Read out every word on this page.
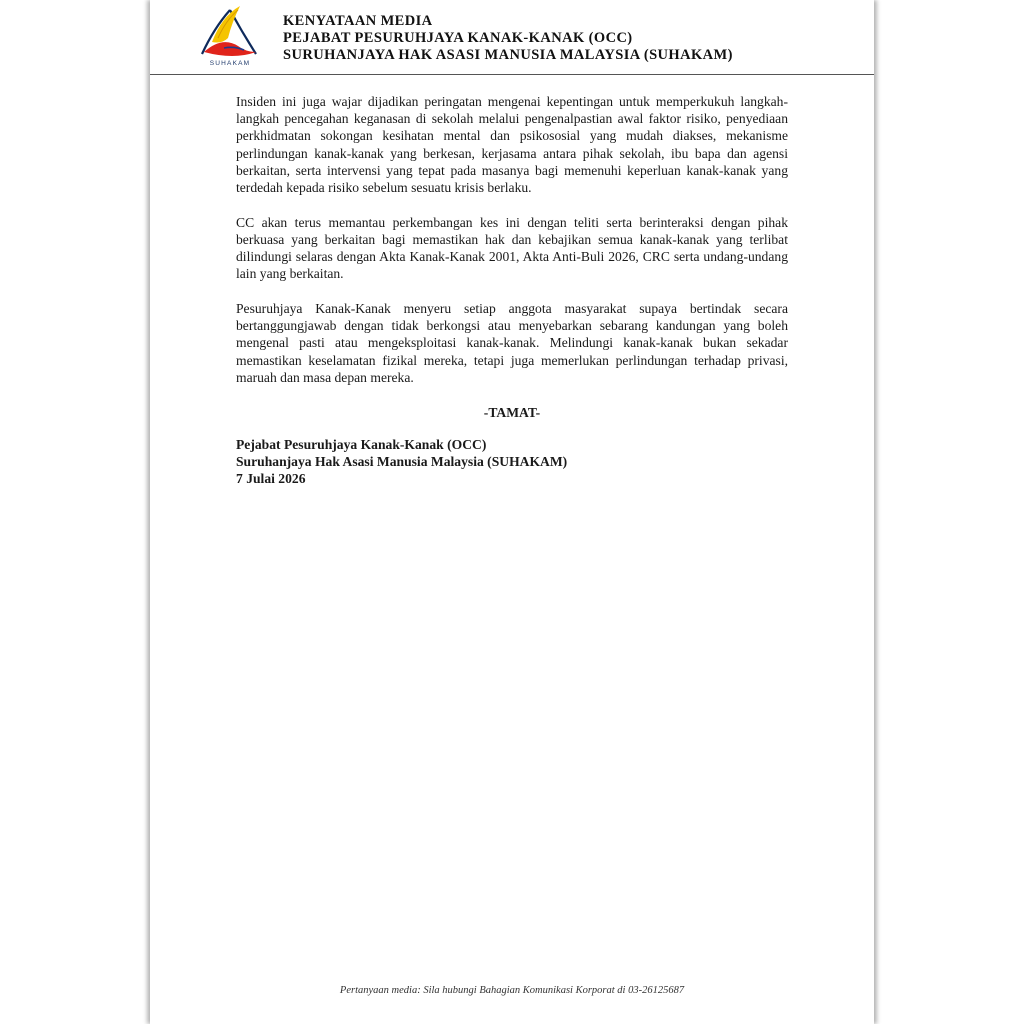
SUHAKAM
KENYATAAN MEDIA
PEJABAT PESURUHJAYA KANAK-KANAK (OCC)
SURUHANJAYA HAK ASASI MANUSIA MALAYSIA (SUHAKAM)

Insiden ini juga wajar dijadikan peringatan mengenai kepentingan untuk memperkukuh langkah-langkah pencegahan keganasan di sekolah melalui pengenalpastian awal faktor risiko, penyediaan perkhidmatan sokongan kesihatan mental dan psikososial yang mudah diakses, mekanisme perlindungan kanak-kanak yang berkesan, kerjasama antara pihak sekolah, ibu bapa dan agensi berkaitan, serta intervensi yang tepat pada masanya bagi memenuhi keperluan kanak-kanak yang terdedah kepada risiko sebelum sesuatu krisis berlaku.

CC akan terus memantau perkembangan kes ini dengan teliti serta berinteraksi dengan pihak berkuasa yang berkaitan bagi memastikan hak dan kebajikan semua kanak-kanak yang terlibat dilindungi selaras dengan Akta Kanak-Kanak 2001, Akta Anti-Buli 2026, CRC serta undang-undang lain yang berkaitan.

Pesuruhjaya Kanak-Kanak menyeru setiap anggota masyarakat supaya bertindak secara bertanggungjawab dengan tidak berkongsi atau menyebarkan sebarang kandungan yang boleh mengenal pasti atau mengeksploitasi kanak-kanak. Melindungi kanak-kanak bukan sekadar memastikan keselamatan fizikal mereka, tetapi juga memerlukan perlindungan terhadap privasi, maruah dan masa depan mereka.

-TAMAT-

Pejabat Pesuruhjaya Kanak-Kanak (OCC)
Suruhanjaya Hak Asasi Manusia Malaysia (SUHAKAM)
7 Julai 2026
Pertanyaan media: Sila hubungi Bahagian Komunikasi Korporat di 03-26125687
